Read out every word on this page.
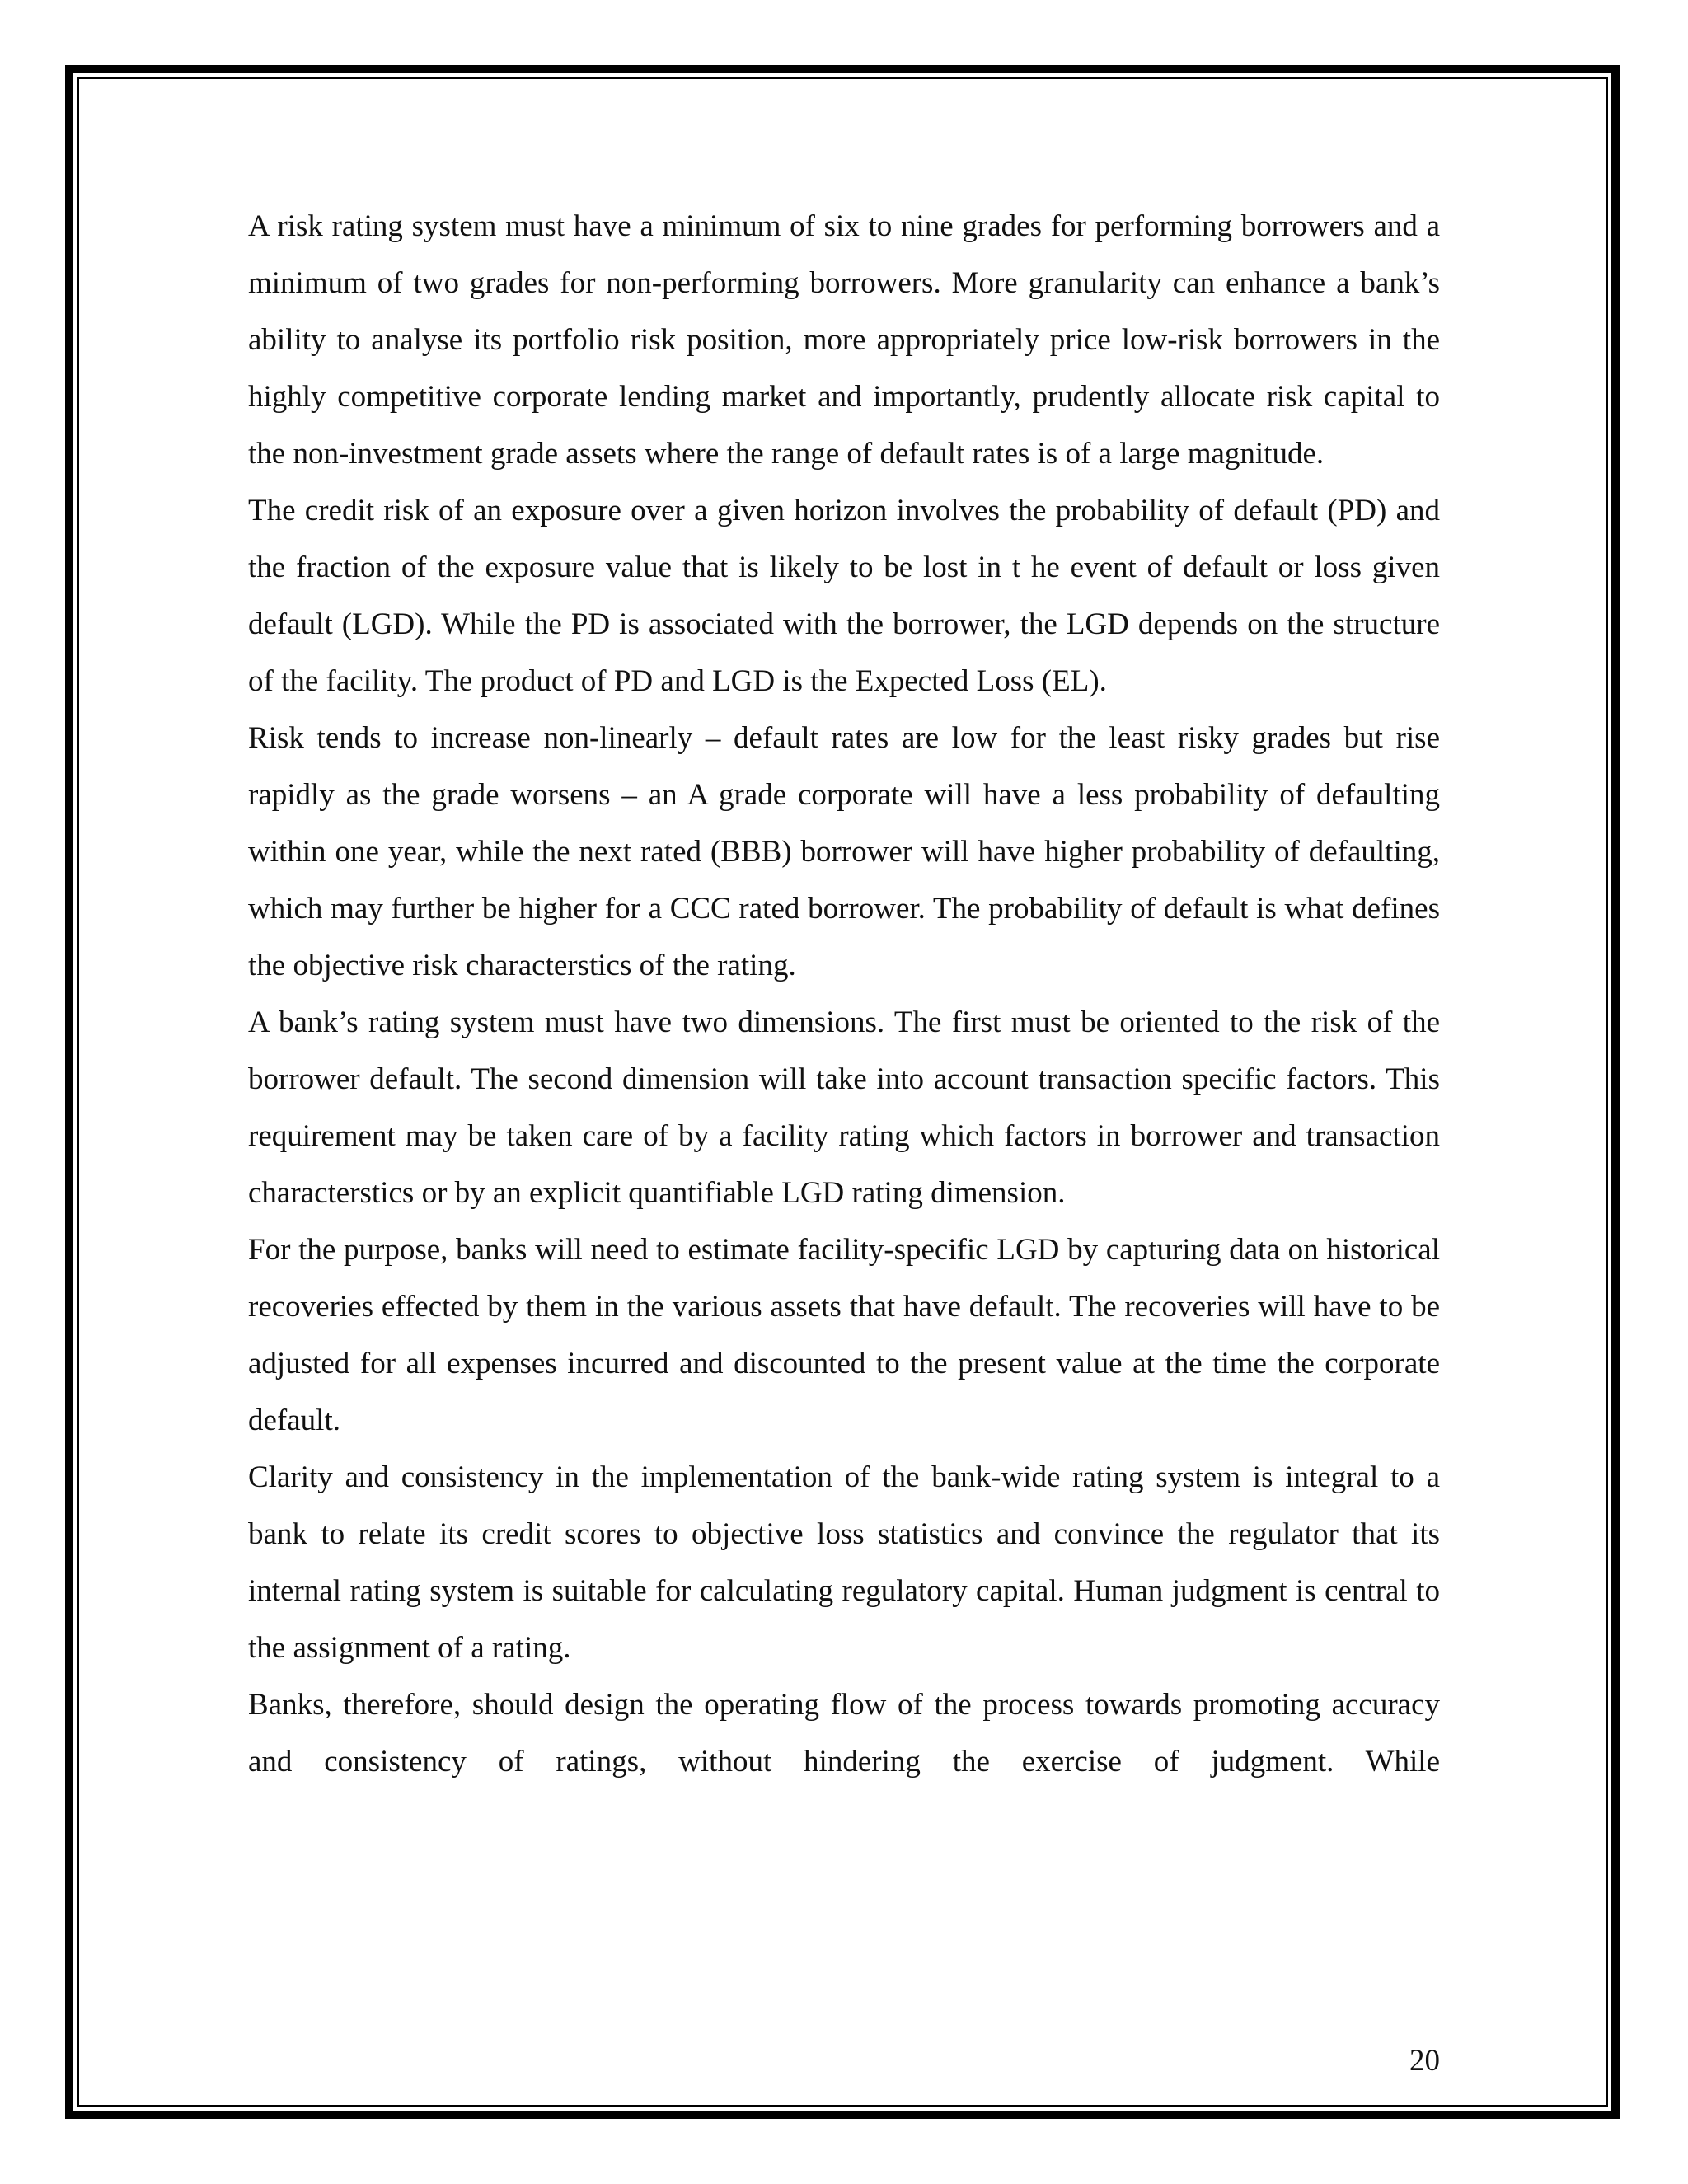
A risk rating system must have a minimum of six to nine grades for performing borrowers and a minimum of two grades for non-performing borrowers. More granularity can enhance a bank’s ability to analyse its portfolio risk position, more appropriately price low-risk borrowers in the highly competitive corporate lending market and importantly, prudently allocate risk capital to the non-investment grade assets where the range of default rates is of a large magnitude.

The credit risk of an exposure over a given horizon involves the probability of default (PD) and the fraction of the exposure value that is likely to be lost in t he event of default or loss given default (LGD). While the PD is associated with the borrower, the LGD depends on the structure of the facility. The product of PD and LGD is the Expected Loss (EL).

Risk tends to increase non-linearly – default rates are low for the least risky grades but rise rapidly as the grade worsens – an A grade corporate will have a less probability of defaulting within one year, while the next rated (BBB) borrower will have higher probability of defaulting, which may further be higher for a CCC rated borrower. The probability of default is what defines the objective risk characterstics of the rating.

A bank’s rating system must have two dimensions. The first must be oriented to the risk of the borrower default. The second dimension will take into account transaction specific factors. This requirement may be taken care of by a facility rating which factors in borrower and transaction characterstics or by an explicit quantifiable LGD rating dimension.

For the purpose, banks will need to estimate facility-specific LGD by capturing data on historical recoveries effected by them in the various assets that have default. The recoveries will have to be adjusted for all expenses incurred and discounted to the present value at the time the corporate default.

Clarity and consistency in the implementation of the bank-wide rating system is integral to a bank to relate its credit scores to objective loss statistics and convince the regulator that its internal rating system is suitable for calculating regulatory capital. Human judgment is central to the assignment of a rating.

Banks, therefore, should design the operating flow of the process towards promoting accuracy and consistency of ratings, without hindering the exercise of judgment. While

20
